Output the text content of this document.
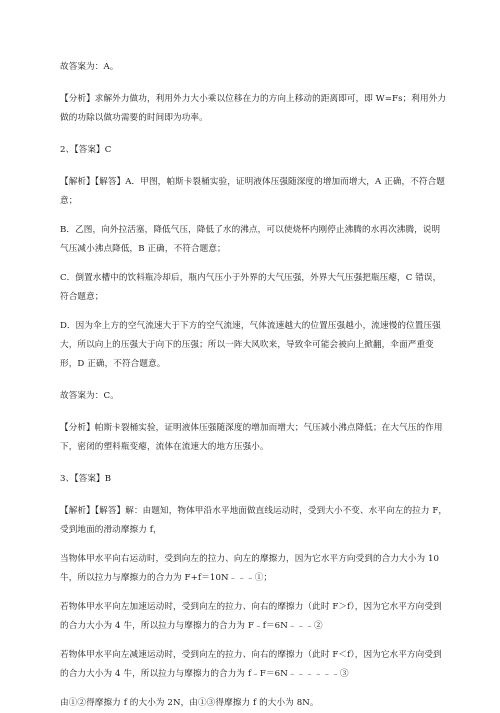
故答案为：A。

【分析】求解外力做功，利用外力大小乘以位移在力的方向上移动的距离即可，即 W=Fs；利用外力做的功除以做功需要的时间即为功率。

2、【答案】C

【解析】【解答】A．甲图，帕斯卡裂桶实验，证明液体压强随深度的增加而增大，A 正确，不符合题意；

B．乙图，向外拉活塞，降低气压，降低了水的沸点，可以使烧杯内刚停止沸腾的水再次沸腾，说明气压减小沸点降低，B 正确，不符合题意；

C．倒置水槽中的饮料瓶冷却后，瓶内气压小于外界的大气压强，外界大气压强把瓶压瘪，C 错误，符合题意；

D．因为伞上方的空气流速大于下方的空气流速，气体流速越大的位置压强越小，流速慢的位置压强大，所以向上的压强大于向下的压强；所以一阵大风吹来，导致伞可能会被向上掀翻，伞面严重变形，D 正确，不符合题意。

故答案为：C。

【分析】帕斯卡裂桶实验，证明液体压强随深度的增加而增大；气压减小沸点降低；在大气压的作用下，密闭的塑料瓶变瘪，流体在流速大的地方压强小。

3、【答案】B

【解析】【解答】解：由题知，物体甲沿水平地面做直线运动时，受到大小不变、水平向左的拉力 F，受到地面的滑动摩擦力 f，

当物体甲水平向右运动时，受到向左的拉力、向左的摩擦力，因为它水平方向受到的合力大小为 10 牛，所以拉力与摩擦力的合力为 F+f＝10N﹣﹣﹣①；

若物体甲水平向左加速运动时，受到向左的拉力、向右的摩擦力（此时 F＞f），因为它水平方向受到的合力大小为 4 牛，所以拉力与摩擦力的合力为 F﹣f＝6N﹣﹣﹣②

若物体甲水平向左减速运动时，受到向左的拉力、向右的摩擦力（此时 F＜f），因为它水平方向受到的合力大小为 4 牛，所以拉力与摩擦力的合力为 f﹣F＝6N﹣﹣﹣﹣﹣﹣③

由①②得摩擦力 f 的大小为 2N，由①③得摩擦力 f 的大小为 8N。
